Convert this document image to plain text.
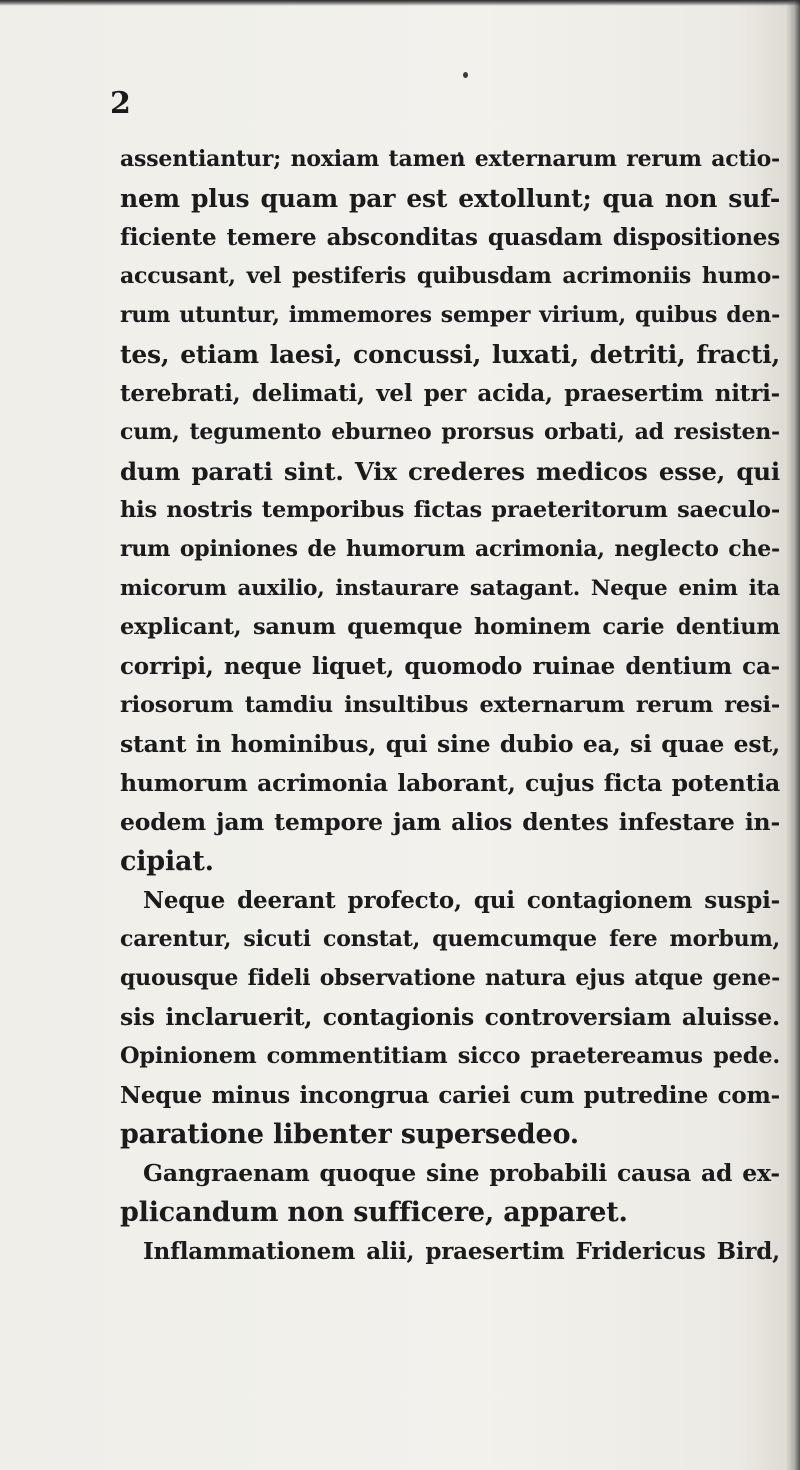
2
assentiantur; noxiam tamen externarum rerum actio-
nem plus quam par est extollunt; qua non suf-
ficiente temere absconditas quasdam dispositiones
accusant, vel pestiferis quibusdam acrimoniis humo-
rum utuntur, immemores semper virium, quibus den-
tes, etiam laesi, concussi, luxati, detriti, fracti,
terebrati, delimati, vel per acida, praesertim nitri-
cum, tegumento eburneo prorsus orbati, ad resisten-
dum parati sint. Vix crederes medicos esse, qui
his nostris temporibus fictas praeteritorum saeculo-
rum opiniones de humorum acrimonia, neglecto che-
micorum auxilio, instaurare satagant. Neque enim ita
explicant, sanum quemque hominem carie dentium
corripi, neque liquet, quomodo ruinae dentium ca-
riosorum tamdiu insultibus externarum rerum resi-
stant in hominibus, qui sine dubio ea, si quae est,
humorum acrimonia laborant, cujus ficta potentia
eodem jam tempore jam alios dentes infestare in-
cipiat.
Neque deerant profecto, qui contagionem suspi-
carentur, sicuti constat, quemcumque fere morbum,
quousque fideli observatione natura ejus atque gene-
sis inclaruerit, contagionis controversiam aluisse.
Opinionem commentitiam sicco praetereamus pede.
Neque minus incongrua cariei cum putredine com-
paratione libenter supersedeo.
Gangraenam quoque sine probabili causa ad ex-
plicandum non sufficere, apparet.
Inflammationem alii, praesertim Fridericus Bird,
